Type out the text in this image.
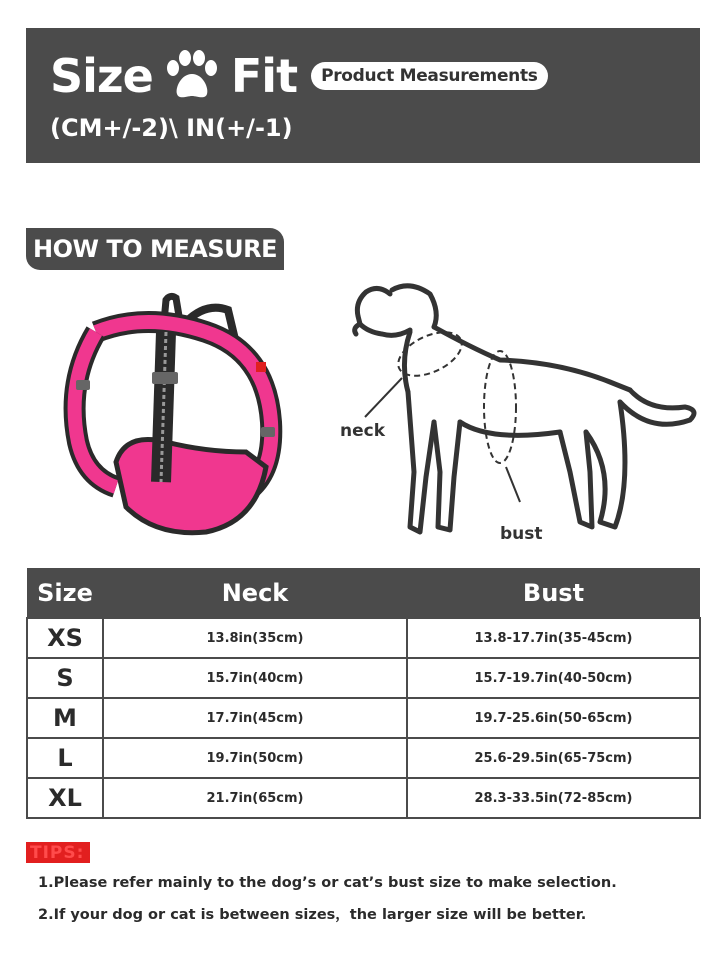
Size Fit	Product Measurements
(CM+/-2)\ IN(+/-1)
HOW TO MEASURE
neck
bust
Size	Neck	Bust
XS	13.8in(35cm)	13.8-17.7in(35-45cm)
S	15.7in(40cm)	15.7-19.7in(40-50cm)
M	17.7in(45cm)	19.7-25.6in(50-65cm)
L	19.7in(50cm)	25.6-29.5in(65-75cm)
XL	21.7in(65cm)	28.3-33.5in(72-85cm)
TIPS:
1.Please refer mainly to the dog’s or cat’s bust size to make selection.
2.If your dog or cat is between sizes，the larger size will be better.
